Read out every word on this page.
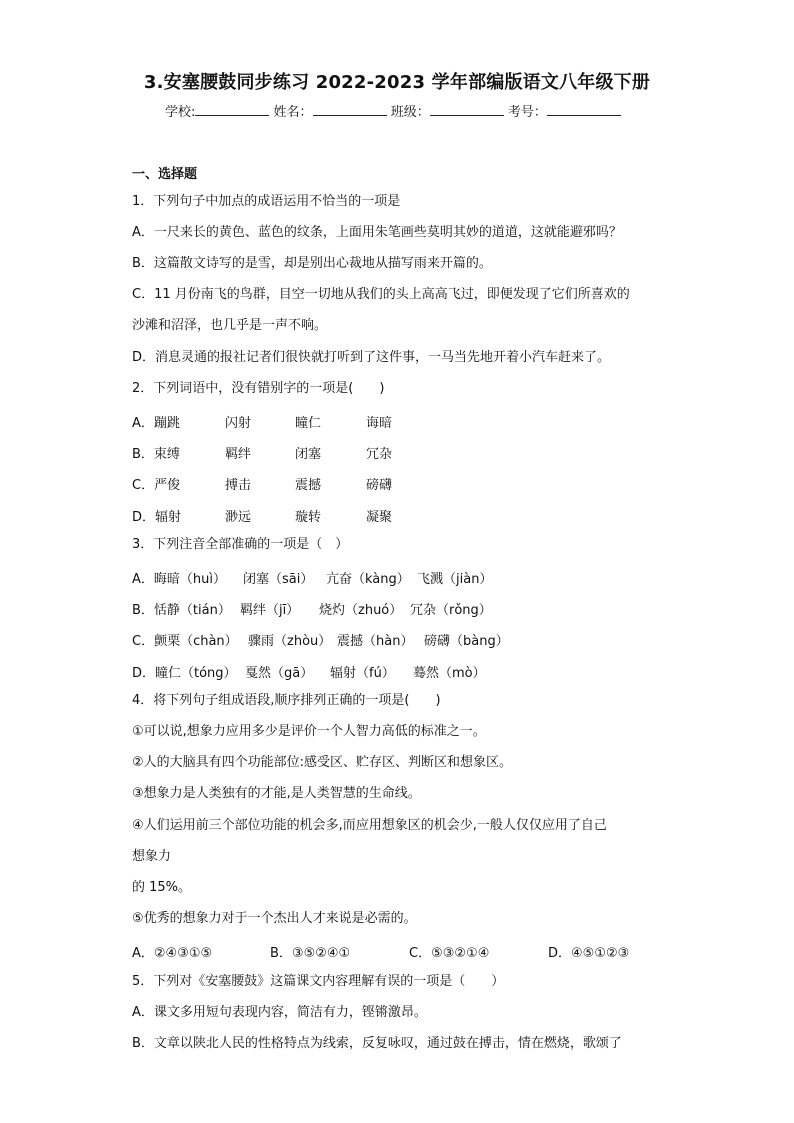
3.安塞腰鼓同步练习 2022-2023 学年部编版语文八年级下册
学校:	姓名：	班级：	考号：
一、选择题
1．下列句子中加点的成语运用不恰当的一项是
A．一尺来长的黄色、蓝色的纹条，上面用朱笔画些莫明其妙的道道，这就能避邪吗？
B．这篇散文诗写的是雪，却是别出心裁地从描写雨来开篇的。
C．11 月份南飞的鸟群，目空一切地从我们的头上高高飞过，即便发现了它们所喜欢的
沙滩和沼泽，也几乎是一声不响。
D．消息灵通的报社记者们很快就打听到了这件事，一马当先地开着小汽车赶来了。
2．下列词语中，没有错别字的一项是(　　)
A．蹦跳	闪射	瞳仁	诲暗
B．束缚	羁绊	闭塞	冗杂
C．严俊	搏击	震撼	磅礴
D．辐射	渺远	璇转	凝聚
3．下列注音全部准确的一项是（　）
A．晦暗（huì） 闭塞（sāi） 亢奋（kàng） 飞溅（jiàn）
B．恬静（tián） 羁绊（jī） 烧灼（zhuó） 冗杂（rǒng）
C．颤栗（chàn） 骤雨（zhòu） 震撼（hàn） 磅礴（bàng）
D．瞳仁（tóng） 戛然（gā） 辐射（fú） 蓦然（mò）
4．将下列句子组成语段,顺序排列正确的一项是(　　)
①可以说,想象力应用多少是评价一个人智力高低的标准之一。
②人的大脑具有四个功能部位:感受区、贮存区、判断区和想象区。
③想象力是人类独有的才能,是人类智慧的生命线。
④人们运用前三个部位功能的机会多,而应用想象区的机会少,一般人仅仅应用了自己
想象力
的 15%。
⑤优秀的想象力对于一个杰出人才来说是必需的。
A．②④③①⑤	B．③⑤②④①	C．⑤③②①④	D．④⑤①②③
5．下列对《安塞腰鼓》这篇课文内容理解有误的一项是（　　）
A．课文多用短句表现内容，简洁有力，铿锵激昂。
B．文章以陕北人民的性格特点为线索，反复咏叹，通过鼓在搏击，情在燃烧，歌颂了
